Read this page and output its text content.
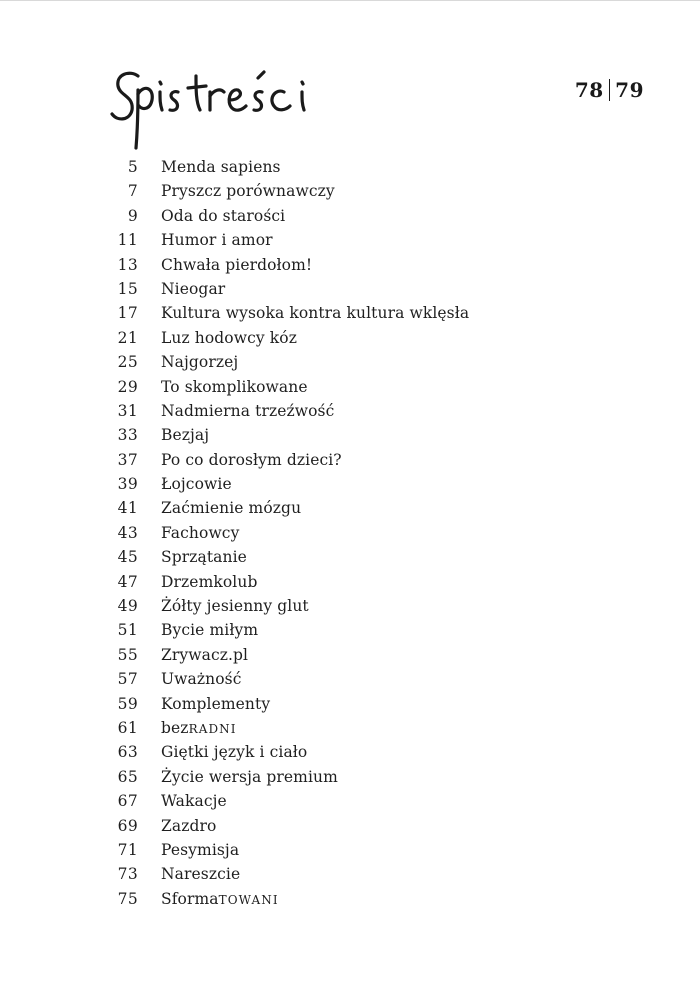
78 79
5 Menda sapiens
7 Pryszcz porównawczy
9 Oda do starości
11 Humor i amor
13 Chwała pierdołom!
15 Nieogar
17 Kultura wysoka kontra kultura wklęsła
21 Luz hodowcy kóz
25 Najgorzej
29 To skomplikowane
31 Nadmierna trzeźwość
33 Bezjaj
37 Po co dorosłym dzieci?
39 Łojcowie
41 Zaćmienie mózgu
43 Fachowcy
45 Sprzątanie
47 Drzemkolub
49 Żółty jesienny glut
51 Bycie miłym
55 Zrywacz.pl
57 Uważność
59 Komplementy
61 bezRADNI
63 Giętki język i ciało
65 Życie wersja premium
67 Wakacje
69 Zazdro
71 Pesymisja
73 Nareszcie
75 SformaTOWANI
